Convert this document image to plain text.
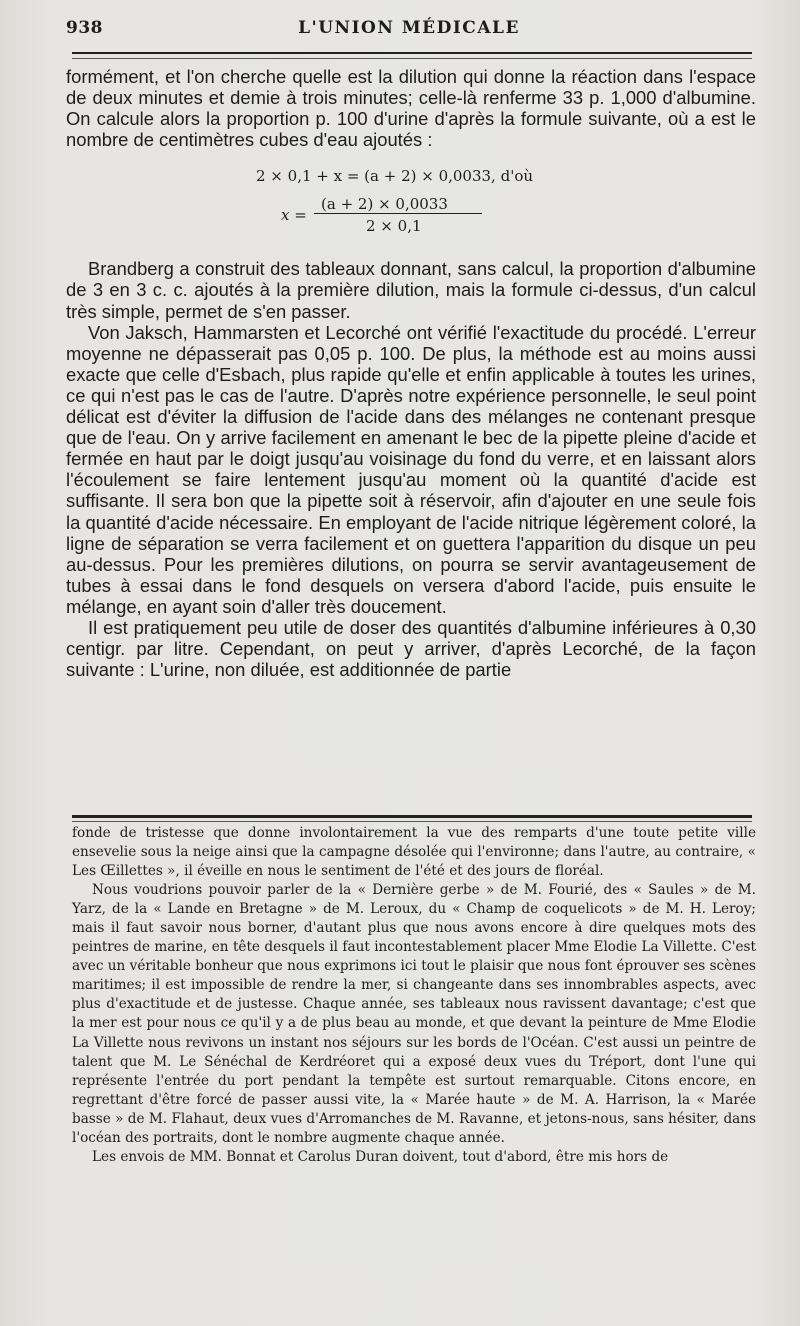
L'UNION MÉDICALE
938

formément, et l'on cherche quelle est la dilution qui donne la réaction dans l'espace de deux minutes et demie à trois minutes; celle-là renferme 33 p. 1,000 d'albumine. On calcule alors la proportion p. 100 d'urine d'après la formule suivante, où a est le nombre de centimètres cubes d'eau ajoutés :

2 × 0,1 + x = (a + 2) × 0,0033, d'où
x =
(a + 2) × 0,0033
2 × 0,1

Brandberg a construit des tableaux donnant, sans calcul, la proportion d'albumine de 3 en 3 c. c. ajoutés à la première dilution, mais la formule ci-dessus, d'un calcul très simple, permet de s'en passer.

Von Jaksch, Hammarsten et Lecorché ont vérifié l'exactitude du procédé. L'erreur moyenne ne dépasserait pas 0,05 p. 100. De plus, la méthode est au moins aussi exacte que celle d'Esbach, plus rapide qu'elle et enfin applicable à toutes les urines, ce qui n'est pas le cas de l'autre. D'après notre expérience personnelle, le seul point délicat est d'éviter la diffusion de l'acide dans des mélanges ne contenant presque que de l'eau. On y arrive facilement en amenant le bec de la pipette pleine d'acide et fermée en haut par le doigt jusqu'au voisinage du fond du verre, et en laissant alors l'écoulement se faire lentement jusqu'au moment où la quantité d'acide est suffisante. Il sera bon que la pipette soit à réservoir, afin d'ajouter en une seule fois la quantité d'acide nécessaire. En employant de l'acide nitrique légèrement coloré, la ligne de séparation se verra facilement et on guettera l'apparition du disque un peu au-dessus. Pour les premières dilutions, on pourra se servir avantageusement de tubes à essai dans le fond desquels on versera d'abord l'acide, puis ensuite le mélange, en ayant soin d'aller très doucement.

Il est pratiquement peu utile de doser des quantités d'albumine inférieures à 0,30 centigr. par litre. Cependant, on peut y arriver, d'après Lecorché, de la façon suivante : L'urine, non diluée, est additionnée de partie

fonde de tristesse que donne involontairement la vue des remparts d'une toute petite ville ensevelie sous la neige ainsi que la campagne désolée qui l'environne; dans l'autre, au contraire, « Les Œillettes », il éveille en nous le sentiment de l'été et des jours de floréal.

Nous voudrions pouvoir parler de la « Dernière gerbe » de M. Fourié, des « Saules » de M. Yarz, de la « Lande en Bretagne » de M. Leroux, du « Champ de coquelicots » de M. H. Leroy; mais il faut savoir nous borner, d'autant plus que nous avons encore à dire quelques mots des peintres de marine, en tête desquels il faut incontestablement placer Mme Elodie La Villette. C'est avec un véritable bonheur que nous exprimons ici tout le plaisir que nous font éprouver ses scènes maritimes; il est impossible de rendre la mer, si changeante dans ses innombrables aspects, avec plus d'exactitude et de justesse. Chaque année, ses tableaux nous ravissent davantage; c'est que la mer est pour nous ce qu'il y a de plus beau au monde, et que devant la peinture de Mme Elodie La Villette nous revivons un instant nos séjours sur les bords de l'Océan. C'est aussi un peintre de talent que M. Le Sénéchal de Kerdréoret qui a exposé deux vues du Tréport, dont l'une qui représente l'entrée du port pendant la tempête est surtout remarquable. Citons encore, en regrettant d'être forcé de passer aussi vite, la « Marée haute » de M. A. Harrison, la « Marée basse » de M. Flahaut, deux vues d'Arromanches de M. Ravanne, et jetons-nous, sans hésiter, dans l'océan des portraits, dont le nombre augmente chaque année.

Les envois de MM. Bonnat et Carolus Duran doivent, tout d'abord, être mis hors de
